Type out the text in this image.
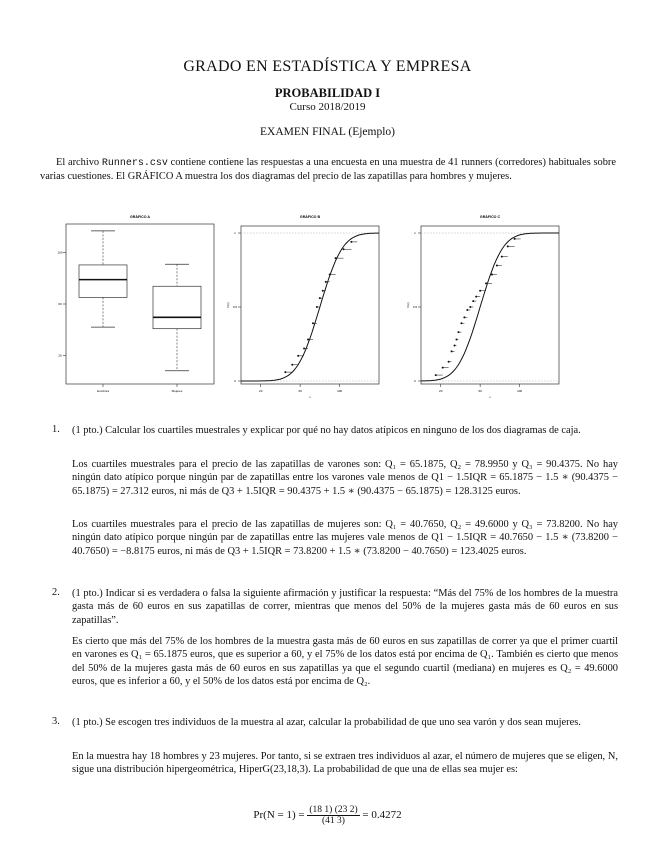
GRADO EN ESTADÍSTICA Y EMPRESA
PROBABILIDAD I
Curso 2018/2019
EXAMEN FINAL (Ejemplo)
El archivo Runners.csv contiene contiene las respuestas a una encuesta en una muestra de 41 runners (corredores) habituales sobre varias cuestiones. El GRÁFICO A muestra los dos diagramas del precio de las zapatillas para hombres y mujeres.
GRÁFICO A
20
60
100
Hombres	Mujeres
GRÁFICO B
0
0.5
1
20	60	100
x
F(x)
GRÁFICO C
0
0.5
1
20	60	100
x
F(x)
1. (1 pto.) Calcular los cuartiles muestrales y explicar por qué no hay datos atípicos en ninguno de los dos diagramas de caja.
Los cuartiles muestrales para el precio de las zapatillas de varones son: Q₁ = 65.1875, Q₂ = 78.9950 y Q₃ = 90.4375. No hay ningún dato atípico porque ningún par de zapatillas entre los varones vale menos de Q1 − 1.5IQR = 65.1875 − 1.5 ∗ (90.4375 − 65.1875) = 27.312 euros, ni más de Q3 + 1.5IQR = 90.4375 + 1.5 ∗ (90.4375 − 65.1875) = 128.3125 euros.
Los cuartiles muestrales para el precio de las zapatillas de mujeres son: Q₁ = 40.7650, Q₂ = 49.6000 y Q₃ = 73.8200. No hay ningún dato atípico porque ningún par de zapatillas entre las mujeres vale menos de Q1 − 1.5IQR = 40.7650 − 1.5 ∗ (73.8200 − 40.7650) = −8.8175 euros, ni más de Q3 + 1.5IQR = 73.8200 + 1.5 ∗ (73.8200 − 40.7650) = 123.4025 euros.
2. (1 pto.) Indicar si es verdadera o falsa la siguiente afirmación y justificar la respuesta: “Más del 75% de los hombres de la muestra gasta más de 60 euros en sus zapatillas de correr, mientras que menos del 50% de la mujeres gasta más de 60 euros en sus zapatillas”.
Es cierto que más del 75% de los hombres de la muestra gasta más de 60 euros en sus zapatillas de correr ya que el primer cuartil en varones es Q₁ = 65.1875 euros, que es superior a 60, y el 75% de los datos está por encima de Q₁. También es cierto que menos del 50% de la mujeres gasta más de 60 euros en sus zapatillas ya que el segundo cuartil (mediana) en mujeres es Q₂ = 49.6000 euros, que es inferior a 60, y el 50% de los datos está por encima de Q₂.
3. (1 pto.) Se escogen tres individuos de la muestra al azar, calcular la probabilidad de que uno sea varón y dos sean mujeres.
En la muestra hay 18 hombres y 23 mujeres. Por tanto, si se extraen tres individuos al azar, el número de mujeres que se eligen, N, sigue una distribución hipergeométrica, HiperG(23,18,3). La probabilidad de que una de ellas sea mujer es:
$Pr(N = 1) = \frac{(18 1) (23 2)}{(41 3)} = 0.4272$
